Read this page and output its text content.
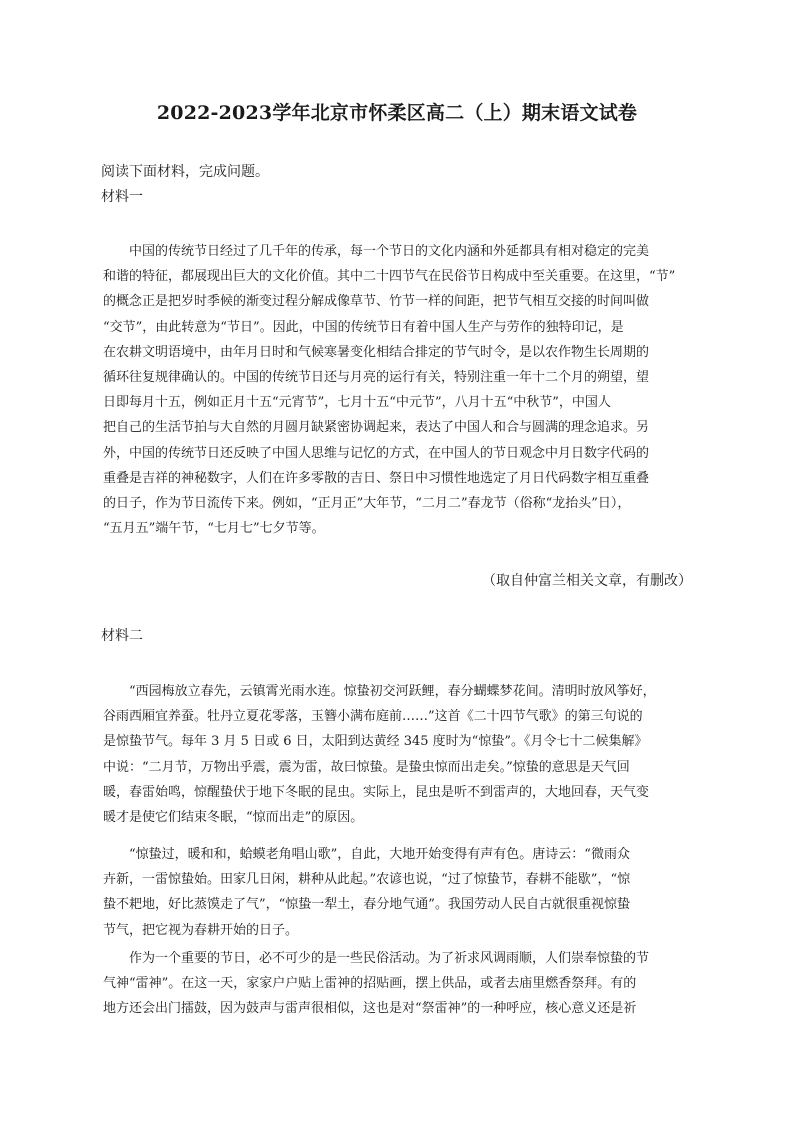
2022-2023学年北京市怀柔区高二（上）期末语文试卷
阅读下面材料，完成问题。
材料一
　　中国的传统节日经过了几千年的传承，每一个节日的文化内涵和外延都具有相对稳定的完美
和谐的特征，都展现出巨大的文化价值。其中二十四节气在民俗节日构成中至关重要。在这里，“节”
的概念正是把岁时季候的渐变过程分解成像草节、竹节一样的间距，把节气相互交接的时间叫做
“交节”，由此转意为“节日”。因此，中国的传统节日有着中国人生产与劳作的独特印记，是
在农耕文明语境中，由年月日时和气候寒暑变化相结合排定的节气时令，是以农作物生长周期的
循环往复规律确认的。中国的传统节日还与月亮的运行有关，特别注重一年十二个月的朔望，望
日即每月十五，例如正月十五“元宵节”，七月十五“中元节”，八月十五“中秋节”，中国人
把自己的生活节拍与大自然的月圆月缺紧密协调起来，表达了中国人和合与圆满的理念追求。另
外，中国的传统节日还反映了中国人思维与记忆的方式，在中国人的节日观念中月日数字代码的
重叠是吉祥的神秘数字，人们在许多零散的吉日、祭日中习惯性地选定了月日代码数字相互重叠
的日子，作为节日流传下来。例如，“正月正”大年节，“二月二”春龙节（俗称“龙抬头”日），
“五月五”端午节，“七月七”七夕节等。
（取自仲富兰相关文章，有删改）
材料二
　　“西园梅放立春先，云镇霄光雨水连。惊蛰初交河跃鲤，春分蝴蝶梦花间。清明时放风筝好，
谷雨西厢宜养蚕。牡丹立夏花零落，玉簪小满布庭前……”这首《二十四节气歌》的第三句说的
是惊蛰节气。每年 3 月 5 日或 6 日，太阳到达黄经 345 度时为“惊蛰”。《月令七十二候集解》
中说：“二月节，万物出乎震，震为雷，故曰惊蛰。是蛰虫惊而出走矣。”惊蛰的意思是天气回
暖，春雷始鸣，惊醒蛰伏于地下冬眠的昆虫。实际上，昆虫是听不到雷声的，大地回春，天气变
暖才是使它们结束冬眠，“惊而出走”的原因。
　　“惊蛰过，暖和和，蛤蟆老角唱山歌”，自此，大地开始变得有声有色。唐诗云：“微雨众
卉新，一雷惊蛰始。田家几日闲，耕种从此起。”农谚也说，“过了惊蛰节，春耕不能歇”，“惊
蛰不耙地，好比蒸馍走了气”，“惊蛰一犁土，春分地气通”。我国劳动人民自古就很重视惊蛰
节气，把它视为春耕开始的日子。
　　作为一个重要的节日，必不可少的是一些民俗活动。为了祈求风调雨顺，人们崇奉惊蛰的节
气神“雷神”。在这一天，家家户户贴上雷神的招贴画，摆上供品，或者去庙里燃香祭拜。有的
地方还会出门擂鼓，因为鼓声与雷声很相似，这也是对“祭雷神”的一种呼应，核心意义还是祈
